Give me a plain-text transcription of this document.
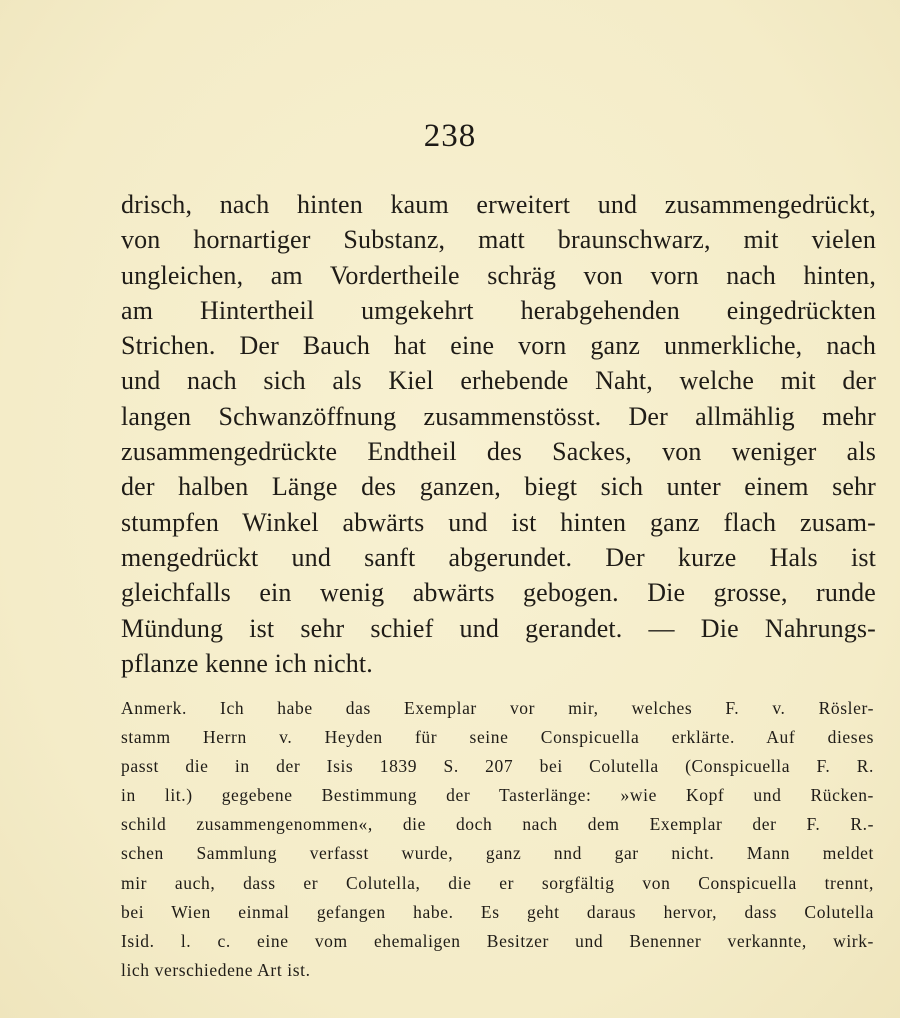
238
drisch, nach hinten kaum erweitert und zusammengedrückt,
von hornartiger Substanz, matt braunschwarz, mit vielen
ungleichen, am Vordertheile schräg von vorn nach hinten,
am Hintertheil umgekehrt herabgehenden eingedrückten
Strichen. Der Bauch hat eine vorn ganz unmerkliche, nach
und nach sich als Kiel erhebende Naht, welche mit der
langen Schwanzöffnung zusammenstösst. Der allmählig mehr
zusammengedrückte Endtheil des Sackes, von weniger als
der halben Länge des ganzen, biegt sich unter einem sehr
stumpfen Winkel abwärts und ist hinten ganz flach zusam-
mengedrückt und sanft abgerundet. Der kurze Hals ist
gleichfalls ein wenig abwärts gebogen. Die grosse, runde
Mündung ist sehr schief und gerandet. — Die Nahrungs-
pflanze kenne ich nicht.
Anmerk. Ich habe das Exemplar vor mir, welches F. v. Rösler-
stamm Herrn v. Heyden für seine Conspicuella erklärte. Auf dieses
passt die in der Isis 1839 S. 207 bei Colutella (Conspicuella F. R.
in lit.) gegebene Bestimmung der Tasterlänge: »wie Kopf und Rücken-
schild zusammengenommen«, die doch nach dem Exemplar der F. R.-
schen Sammlung verfasst wurde, ganz nnd gar nicht. Mann meldet
mir auch, dass er Colutella, die er sorgfältig von Conspicuella trennt,
bei Wien einmal gefangen habe. Es geht daraus hervor, dass Colutella
Isid. l. c. eine vom ehemaligen Besitzer und Benenner verkannte, wirk-
lich verschiedene Art ist.
